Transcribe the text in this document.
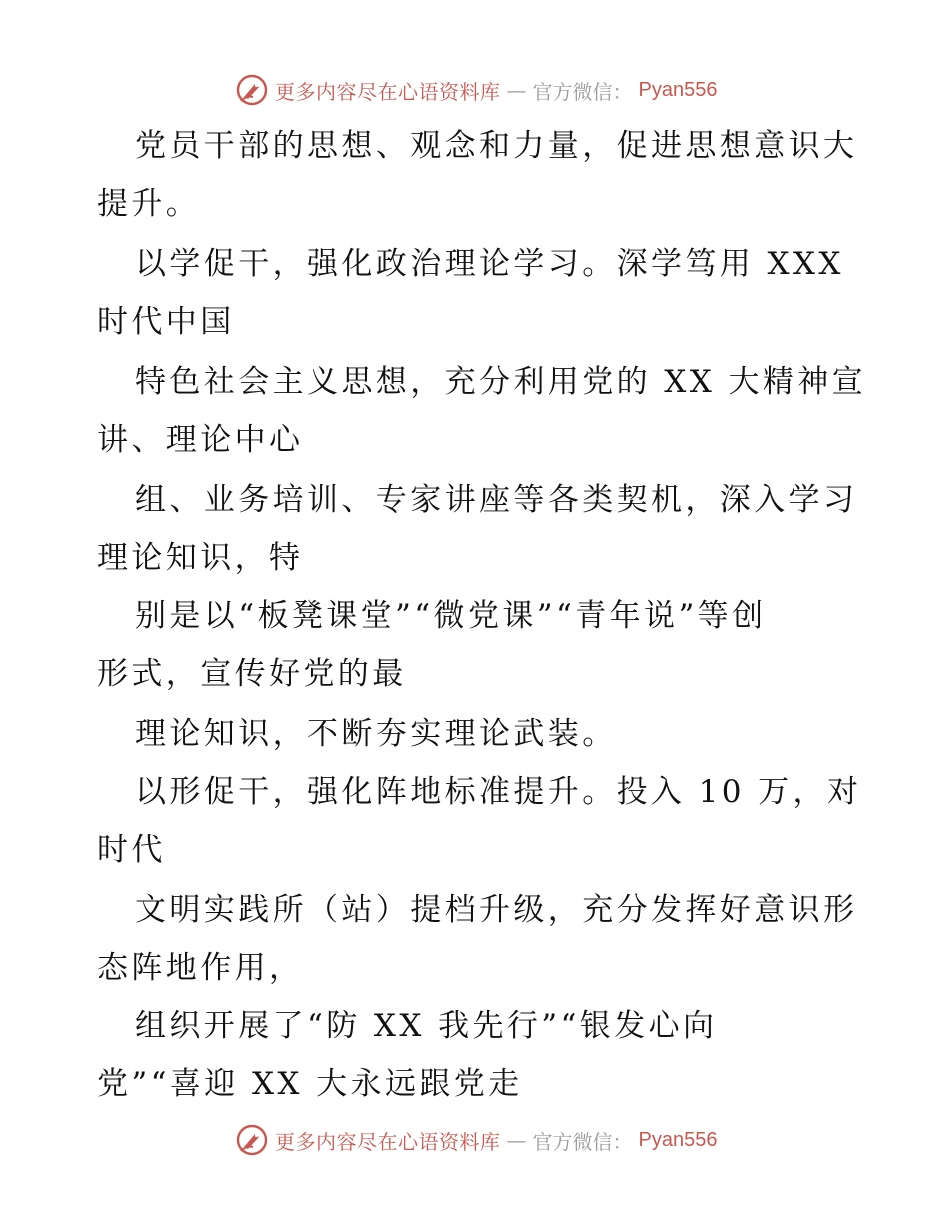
更多内容尽在心语资料库 — 官方微信： Pyan556
党员干部的思想、观念和力量，促进思想意识大
提升。
以学促干，强化政治理论学习。深学笃用 XXX
时代中国
特色社会主义思想，充分利用党的 XX 大精神宣
讲、理论中心
组、业务培训、专家讲座等各类契机，深入学习
理论知识，特
别是以“板凳课堂”“微党课”“青年说”等创
形式，宣传好党的最
理论知识，不断夯实理论武装。
以形促干，强化阵地标准提升。投入 10 万，对
时代
文明实践所（站）提档升级，充分发挥好意识形
态阵地作用，
组织开展了“防 XX 我先行”“银发心向
党”“喜迎 XX 大永远跟党走
更多内容尽在心语资料库 — 官方微信： Pyan556
